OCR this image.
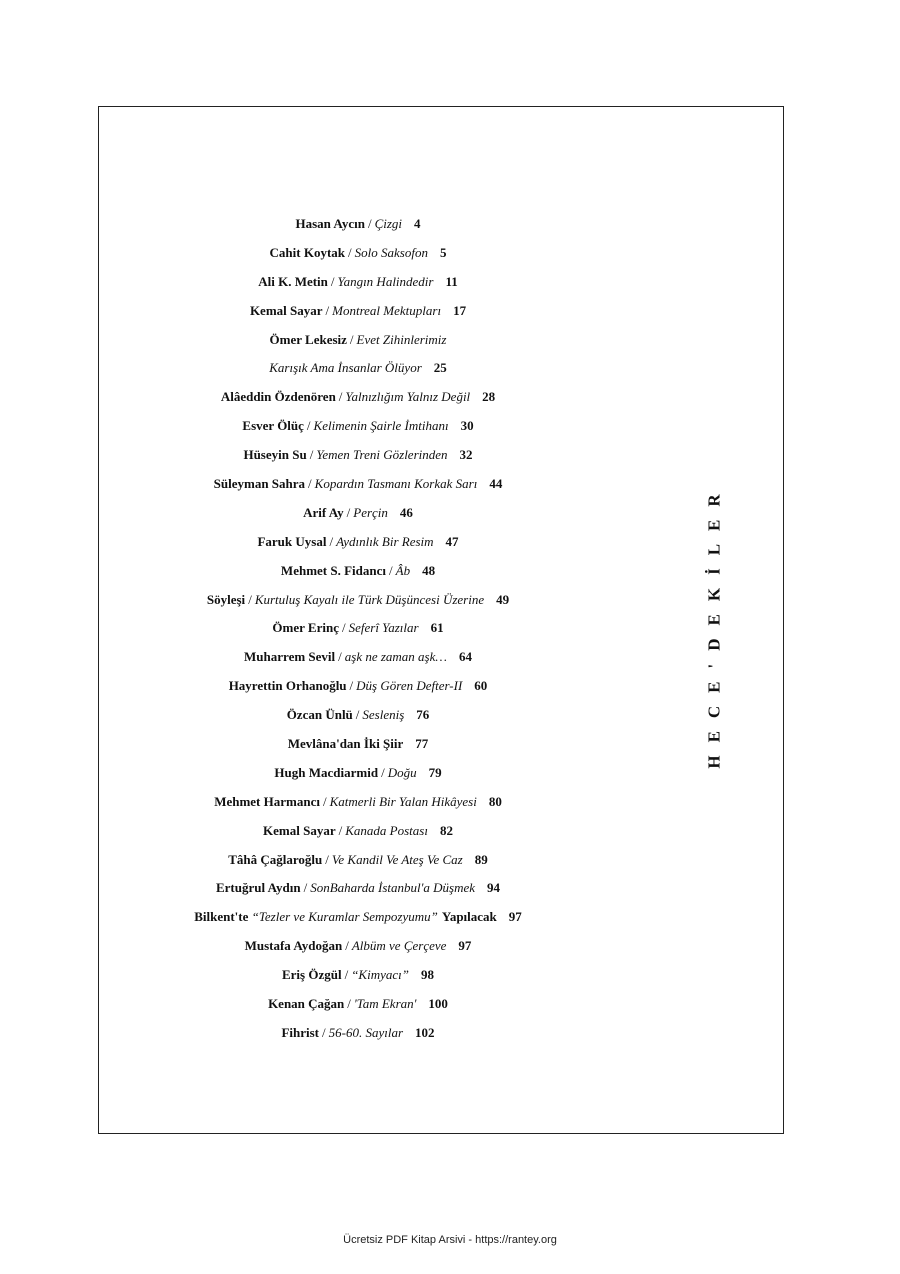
Hasan Aycın / Çizgi 4
Cahit Koytak / Solo Saksofon 5
Ali K. Metin / Yangın Halindedir 11
Kemal Sayar / Montreal Mektupları 17
Ömer Lekesiz / Evet Zihinlerimiz
Karışık Ama İnsanlar Ölüyor 25
Alâeddin Özdenören / Yalnızlığım Yalnız Değil 28
Esver Ölüç / Kelimenin Şairle İmtihanı 30
Hüseyin Su / Yemen Treni Gözlerinden 32
Süleyman Sahra / Kopardın Tasmanı Korkak Sarı 44
Arif Ay / Perçin 46
Faruk Uysal / Aydınlık Bir Resim 47
Mehmet S. Fidancı / Âb 48
Söyleşi / Kurtuluş Kayalı ile Türk Düşüncesi Üzerine 49
Ömer Erinç / Seferî Yazılar 61
Muharrem Sevil / aşk ne zaman aşk… 64
Hayrettin Orhanoğlu / Düş Gören Defter-II 60
Özcan Ünlü / Sesleniş 76
Mevlâna'dan İki Şiir 77
Hugh Macdiarmid / Doğu 79
Mehmet Harmancı / Katmerli Bir Yalan Hikâyesi 80
Kemal Sayar / Kanada Postası 82
Tâhâ Çağlaroğlu / Ve Kandil Ve Ateş Ve Caz 89
Ertuğrul Aydın / SonBaharda İstanbul'a Düşmek 94
Bilkent'te “Tezler ve Kuramlar Sempozyumu” Yapılacak 97
Mustafa Aydoğan / Albüm ve Çerçeve 97
Eriş Özgül / “Kimyacı” 98
Kenan Çağan / 'Tam Ekran' 100
Fihrist / 56-60. Sayılar 102
HECE'DEKİLER
Ücretsiz PDF Kitap Arsivi - https://rantey.org
